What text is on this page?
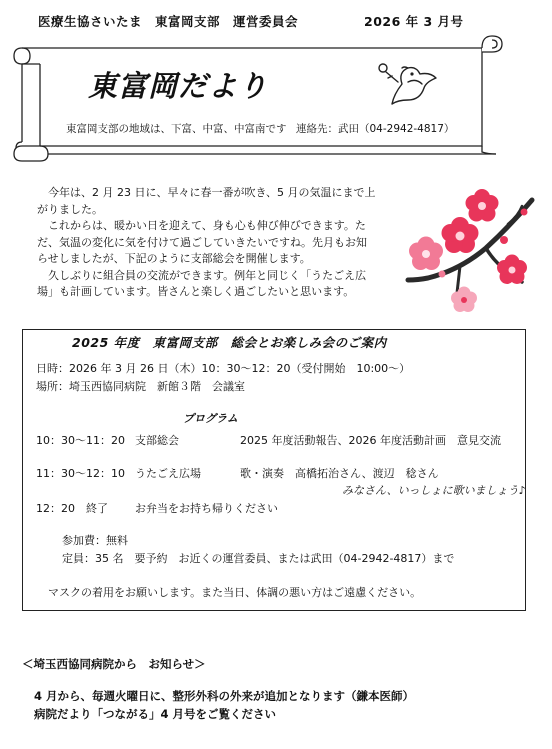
医療生協さいたま　東富岡支部　運営委員会	2026 年 3 月号
東富岡だより
東富岡支部の地域は、下富、中富、中富南です 連絡先：武田（04-2942-4817）

今年は、2 月 23 日に、早々に春一番が吹き、5 月の気温にまで上がりました。

これからは、暖かい日を迎えて、身も心も伸び伸びできます。ただ、気温の変化に気を付けて過ごしていきたいですね。先月もお知らせしましたが、下記のように支部総会を開催します。

久しぶりに組合員の交流ができます。例年と同じく「うたごえ広場」も計画しています。皆さんと楽しく過ごしたいと思います。

2025 年度　東富岡支部　総会とお楽しみ会のご案内
日時：2026 年 3 月 26 日（木）10：30～12：20（受付開始　10:00～）
場所：埼玉西協同病院　新館３階　会議室
プログラム
10：30～11：20 支部総会	2025 年度活動報告、2026 年度活動計画　意見交流
11：30～12：10 うたごえ広場	歌・演奏　高橋拓治さん、渡辺　稔さん
みなさん、いっしょに歌いましょう♪
12：20 終了 お弁当をお持ち帰りください
参加費：無料
定員：35 名　要予約　お近くの運営委員、または武田（04-2942-4817）まで
マスクの着用をお願いします。また当日、体調の悪い方はご遠慮ください。
＜埼玉西協同病院から　お知らせ＞
4 月から、毎週火曜日に、整形外科の外来が追加となります（鎌本医師）
病院だより「つながる」4 月号をご覧ください
